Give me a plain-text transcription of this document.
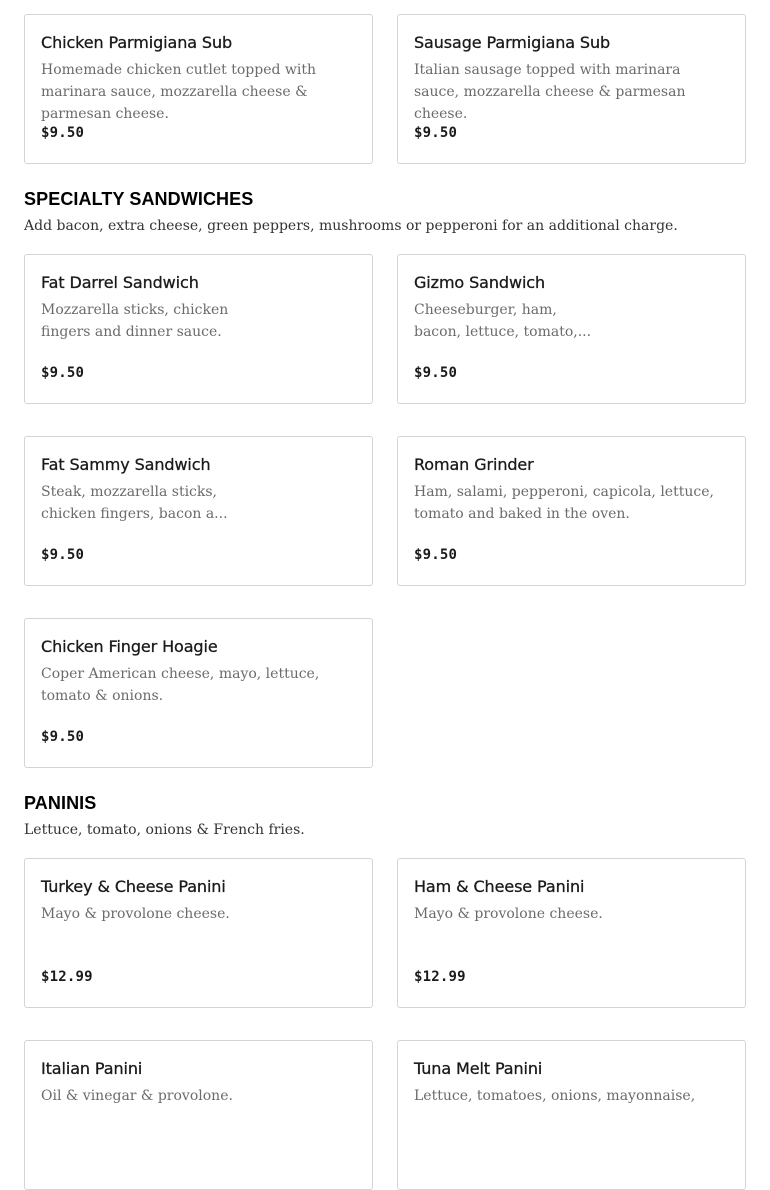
Chicken Parmigiana Sub
Homemade chicken cutlet topped with marinara sauce, mozzarella cheese & parmesan cheese.
$9.50
Sausage Parmigiana Sub
Italian sausage topped with marinara sauce, mozzarella cheese & parmesan cheese.
$9.50
SPECIALTY SANDWICHES
Add bacon, extra cheese, green peppers, mushrooms or pepperoni for an additional charge.
Fat Darrel Sandwich
Mozzarella sticks, chicken fingers and dinner sauce.
$9.50
Gizmo Sandwich
Cheeseburger, ham, bacon, lettuce, tomato,...
$9.50
Fat Sammy Sandwich
Steak, mozzarella sticks, chicken fingers, bacon a...
$9.50
Roman Grinder
Ham, salami, pepperoni, capicola, lettuce, tomato and baked in the oven.
$9.50
Chicken Finger Hoagie
Coper American cheese, mayo, lettuce, tomato & onions.
$9.50
PANINIS
Lettuce, tomato, onions & French fries.
Turkey & Cheese Panini
Mayo & provolone cheese.
$12.99
Ham & Cheese Panini
Mayo & provolone cheese.
$12.99
Italian Panini
Oil & vinegar & provolone.
Tuna Melt Panini
Lettuce, tomatoes, onions, mayonnaise,
